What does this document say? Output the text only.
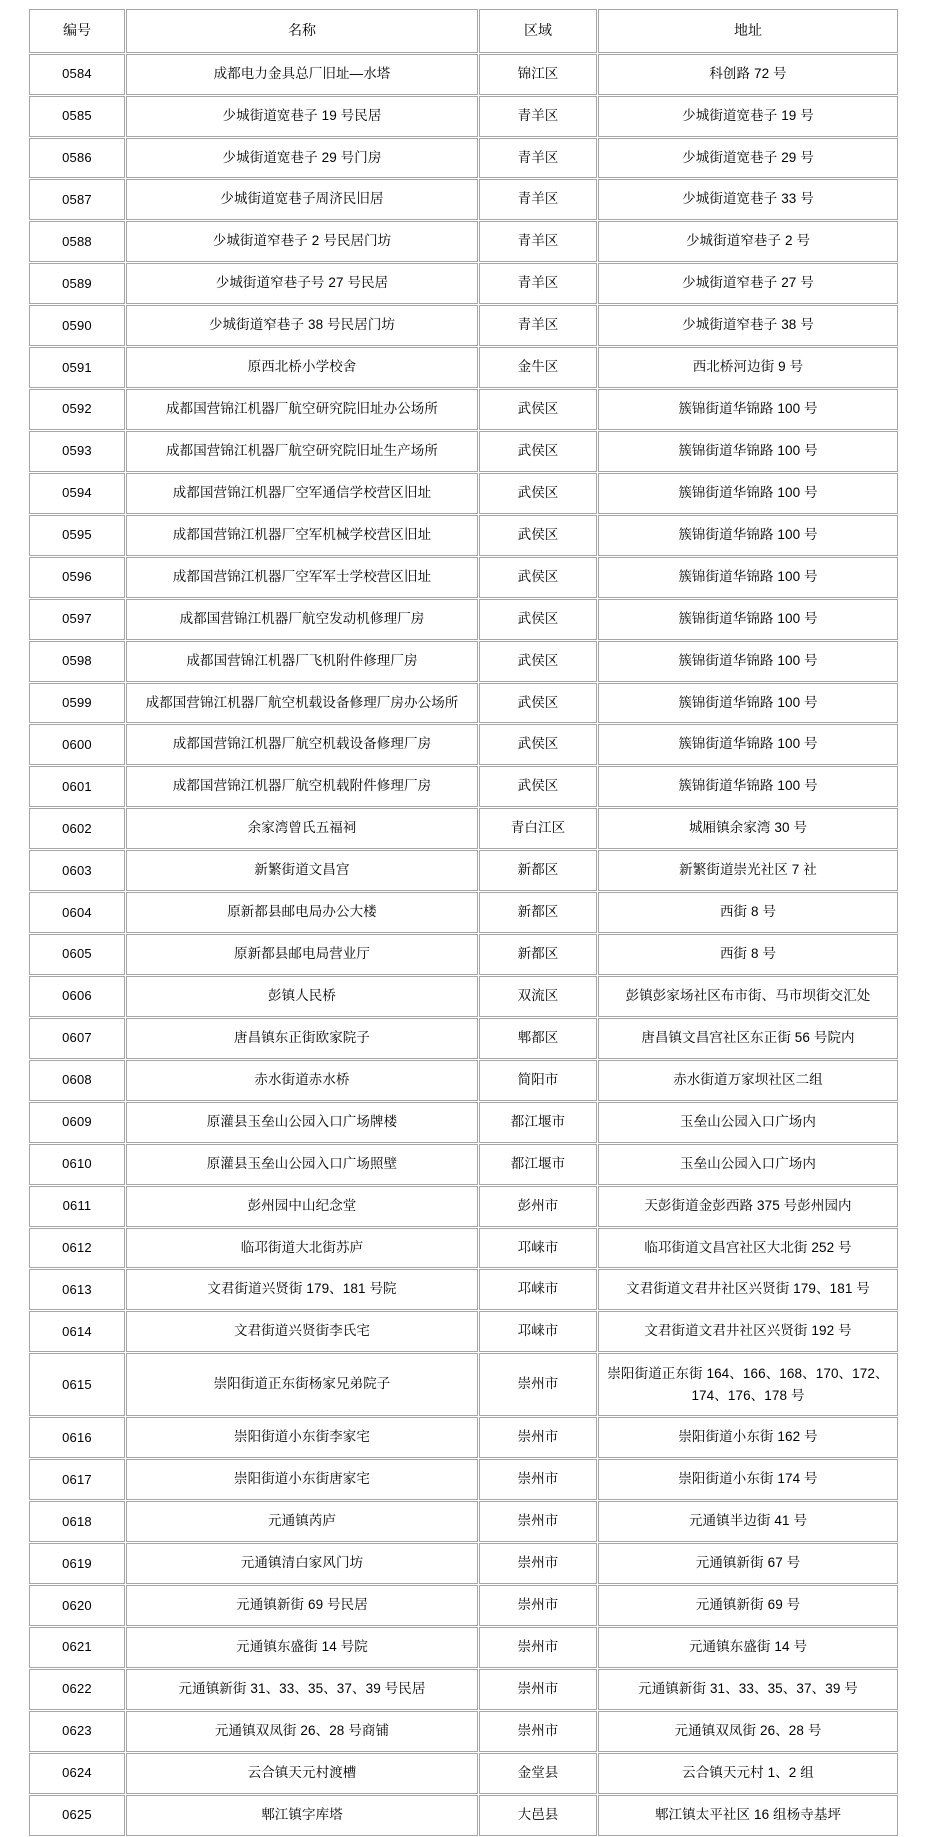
编号	名称	区域	地址
0584	成都电力金具总厂旧址—水塔	锦江区	科创路 72 号
0585	少城街道宽巷子 19 号民居	青羊区	少城街道宽巷子 19 号
0586	少城街道宽巷子 29 号门房	青羊区	少城街道宽巷子 29 号
0587	少城街道宽巷子周济民旧居	青羊区	少城街道宽巷子 33 号
0588	少城街道窄巷子 2 号民居门坊	青羊区	少城街道窄巷子 2 号
0589	少城街道窄巷子号 27 号民居	青羊区	少城街道窄巷子 27 号
0590	少城街道窄巷子 38 号民居门坊	青羊区	少城街道窄巷子 38 号
0591	原西北桥小学校舍	金牛区	西北桥河边街 9 号
0592	成都国营锦江机器厂航空研究院旧址办公场所	武侯区	簇锦街道华锦路 100 号
0593	成都国营锦江机器厂航空研究院旧址生产场所	武侯区	簇锦街道华锦路 100 号
0594	成都国营锦江机器厂空军通信学校营区旧址	武侯区	簇锦街道华锦路 100 号
0595	成都国营锦江机器厂空军机械学校营区旧址	武侯区	簇锦街道华锦路 100 号
0596	成都国营锦江机器厂空军军士学校营区旧址	武侯区	簇锦街道华锦路 100 号
0597	成都国营锦江机器厂航空发动机修理厂房	武侯区	簇锦街道华锦路 100 号
0598	成都国营锦江机器厂飞机附件修理厂房	武侯区	簇锦街道华锦路 100 号
0599	成都国营锦江机器厂航空机载设备修理厂房办公场所	武侯区	簇锦街道华锦路 100 号
0600	成都国营锦江机器厂航空机载设备修理厂房	武侯区	簇锦街道华锦路 100 号
0601	成都国营锦江机器厂航空机载附件修理厂房	武侯区	簇锦街道华锦路 100 号
0602	余家湾曾氏五福祠	青白江区	城厢镇余家湾 30 号
0603	新繁街道文昌宫	新都区	新繁街道崇光社区 7 社
0604	原新都县邮电局办公大楼	新都区	西街 8 号
0605	原新都县邮电局营业厅	新都区	西街 8 号
0606	彭镇人民桥	双流区	彭镇彭家场社区布市街、马市坝街交汇处
0607	唐昌镇东正街欧家院子	郫都区	唐昌镇文昌宫社区东正街 56 号院内
0608	赤水街道赤水桥	简阳市	赤水街道万家坝社区二组
0609	原灌县玉垒山公园入口广场牌楼	都江堰市	玉垒山公园入口广场内
0610	原灌县玉垒山公园入口广场照壁	都江堰市	玉垒山公园入口广场内
0611	彭州园中山纪念堂	彭州市	天彭街道金彭西路 375 号彭州园内
0612	临邛街道大北街苏庐	邛崃市	临邛街道文昌宫社区大北街 252 号
0613	文君街道兴贤街 179、181 号院	邛崃市	文君街道文君井社区兴贤街 179、181 号
0614	文君街道兴贤街李氏宅	邛崃市	文君街道文君井社区兴贤街 192 号
0615	崇阳街道正东街杨家兄弟院子	崇州市	崇阳街道正东街 164、166、168、170、172、174、176、178 号
0616	崇阳街道小东街李家宅	崇州市	崇阳街道小东街 162 号
0617	崇阳街道小东街唐家宅	崇州市	崇阳街道小东街 174 号
0618	元通镇芮庐	崇州市	元通镇半边街 41 号
0619	元通镇清白家风门坊	崇州市	元通镇新街 67 号
0620	元通镇新街 69 号民居	崇州市	元通镇新街 69 号
0621	元通镇东盛街 14 号院	崇州市	元通镇东盛街 14 号
0622	元通镇新街 31、33、35、37、39 号民居	崇州市	元通镇新街 31、33、35、37、39 号
0623	元通镇双凤街 26、28 号商铺	崇州市	元通镇双凤街 26、28 号
0624	云合镇天元村渡槽	金堂县	云合镇天元村 1、2 组
0625	郫江镇字库塔	大邑县	郫江镇太平社区 16 组杨寺基坪
